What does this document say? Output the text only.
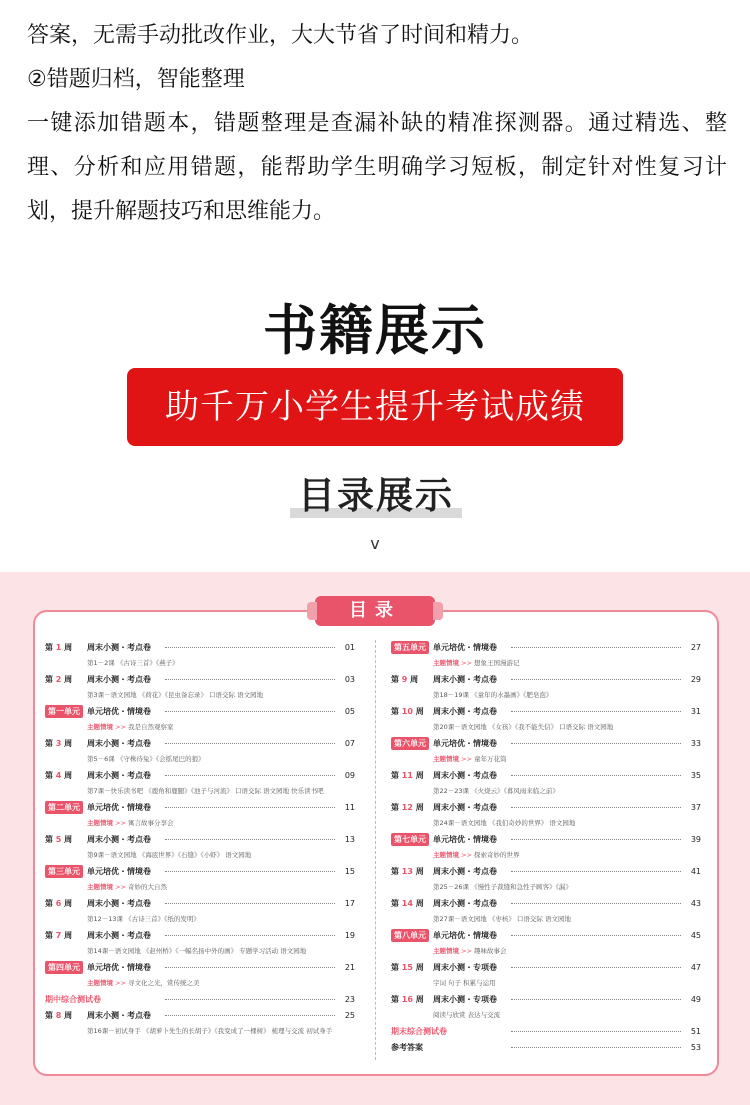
答案，无需手动批改作业，大大节省了时间和精力。

②错题归档，智能整理

一键添加错题本，错题整理是查漏补缺的精准探测器。通过精选、整理、分析和应用错题，能帮助学生明确学习短板，制定针对性复习计划，提升解题技巧和思维能力。

书籍展示
助千万小学生提升考试成绩
目录展示
v
目录
第 1 周 周末小测・考点卷	01
第1－2课 《古诗三首》《燕子》
第 2 周 周末小测・考点卷	03
第3课－语文园地 《荷花》《昆虫备忘录》 口语交际 语文园地
第一单元 单元培优・情境卷	05
主题情境 >> 我是自然观察家
第 3 周 周末小测・考点卷	07
第5－6课 《守株待兔》《会摇尾巴的狼》
第 4 周 周末小测・考点卷	09
第7课－快乐读书吧 《鹿角和鹿腿》《池子与河流》 口语交际 语文园地 快乐读书吧
第二单元 单元培优・情境卷	11
主题情境 >> 寓言故事分享会
第 5 周 周末小测・考点卷	13
第9课－语文园地 《海底世界》《石缝》《小虾》 语文园地
第三单元 单元培优・情境卷	15
主题情境 >> 奇妙的大自然
第 6 周 周末小测・考点卷	17
第12－13课 《古诗三首》《纸的发明》
第 7 周 周末小测・考点卷	19
第14课－语文园地 《赵州桥》《一幅名扬中外的画》 专题学习活动 语文园地
第四单元 单元培优・情境卷	21
主题情境 >> 寻文化之光，赏传统之美
期中综合测试卷	23
第 8 周 周末小测・考点卷	25
第16课－初试身手 《胡萝卜先生的长胡子》《我变成了一棵树》 梳理与交流 初试身手
第五单元 单元培优・情境卷	27
主题情境 >> 想象王国漫游记
第 9 周 周末小测・考点卷	29
第18－19课 《童年的水墨画》《肥皂泡》
第 10 周 周末小测・考点卷	31
第20课－语文园地 《女孩》《我不能失信》 口语交际 语文园地
第六单元 单元培优・情境卷	33
主题情境 >> 童年万花筒
第 11 周 周末小测・考点卷	35
第22－23课 《火烧云》《暮风雨来临之前》
第 12 周 周末小测・考点卷	37
第24课－语文园地 《我们奇妙的世界》 语文园地
第七单元 单元培优・情境卷	39
主题情境 >> 探索奇妙的世界
第 13 周 周末小测・考点卷	41
第25－26课 《慢性子裁缝和急性子顾客》《漏》
第 14 周 周末小测・考点卷	43
第27课－语文园地 《枣核》 口语交际 语文园地
第八单元 单元培优・情境卷	45
主题情境 >> 趣味故事会
第 15 周 周末小测・专项卷	47
字词 句子 积累与运用
第 16 周 周末小测・专项卷	49
阅读与欣赏 表达与交流
期末综合测试卷	51
参考答案	53
